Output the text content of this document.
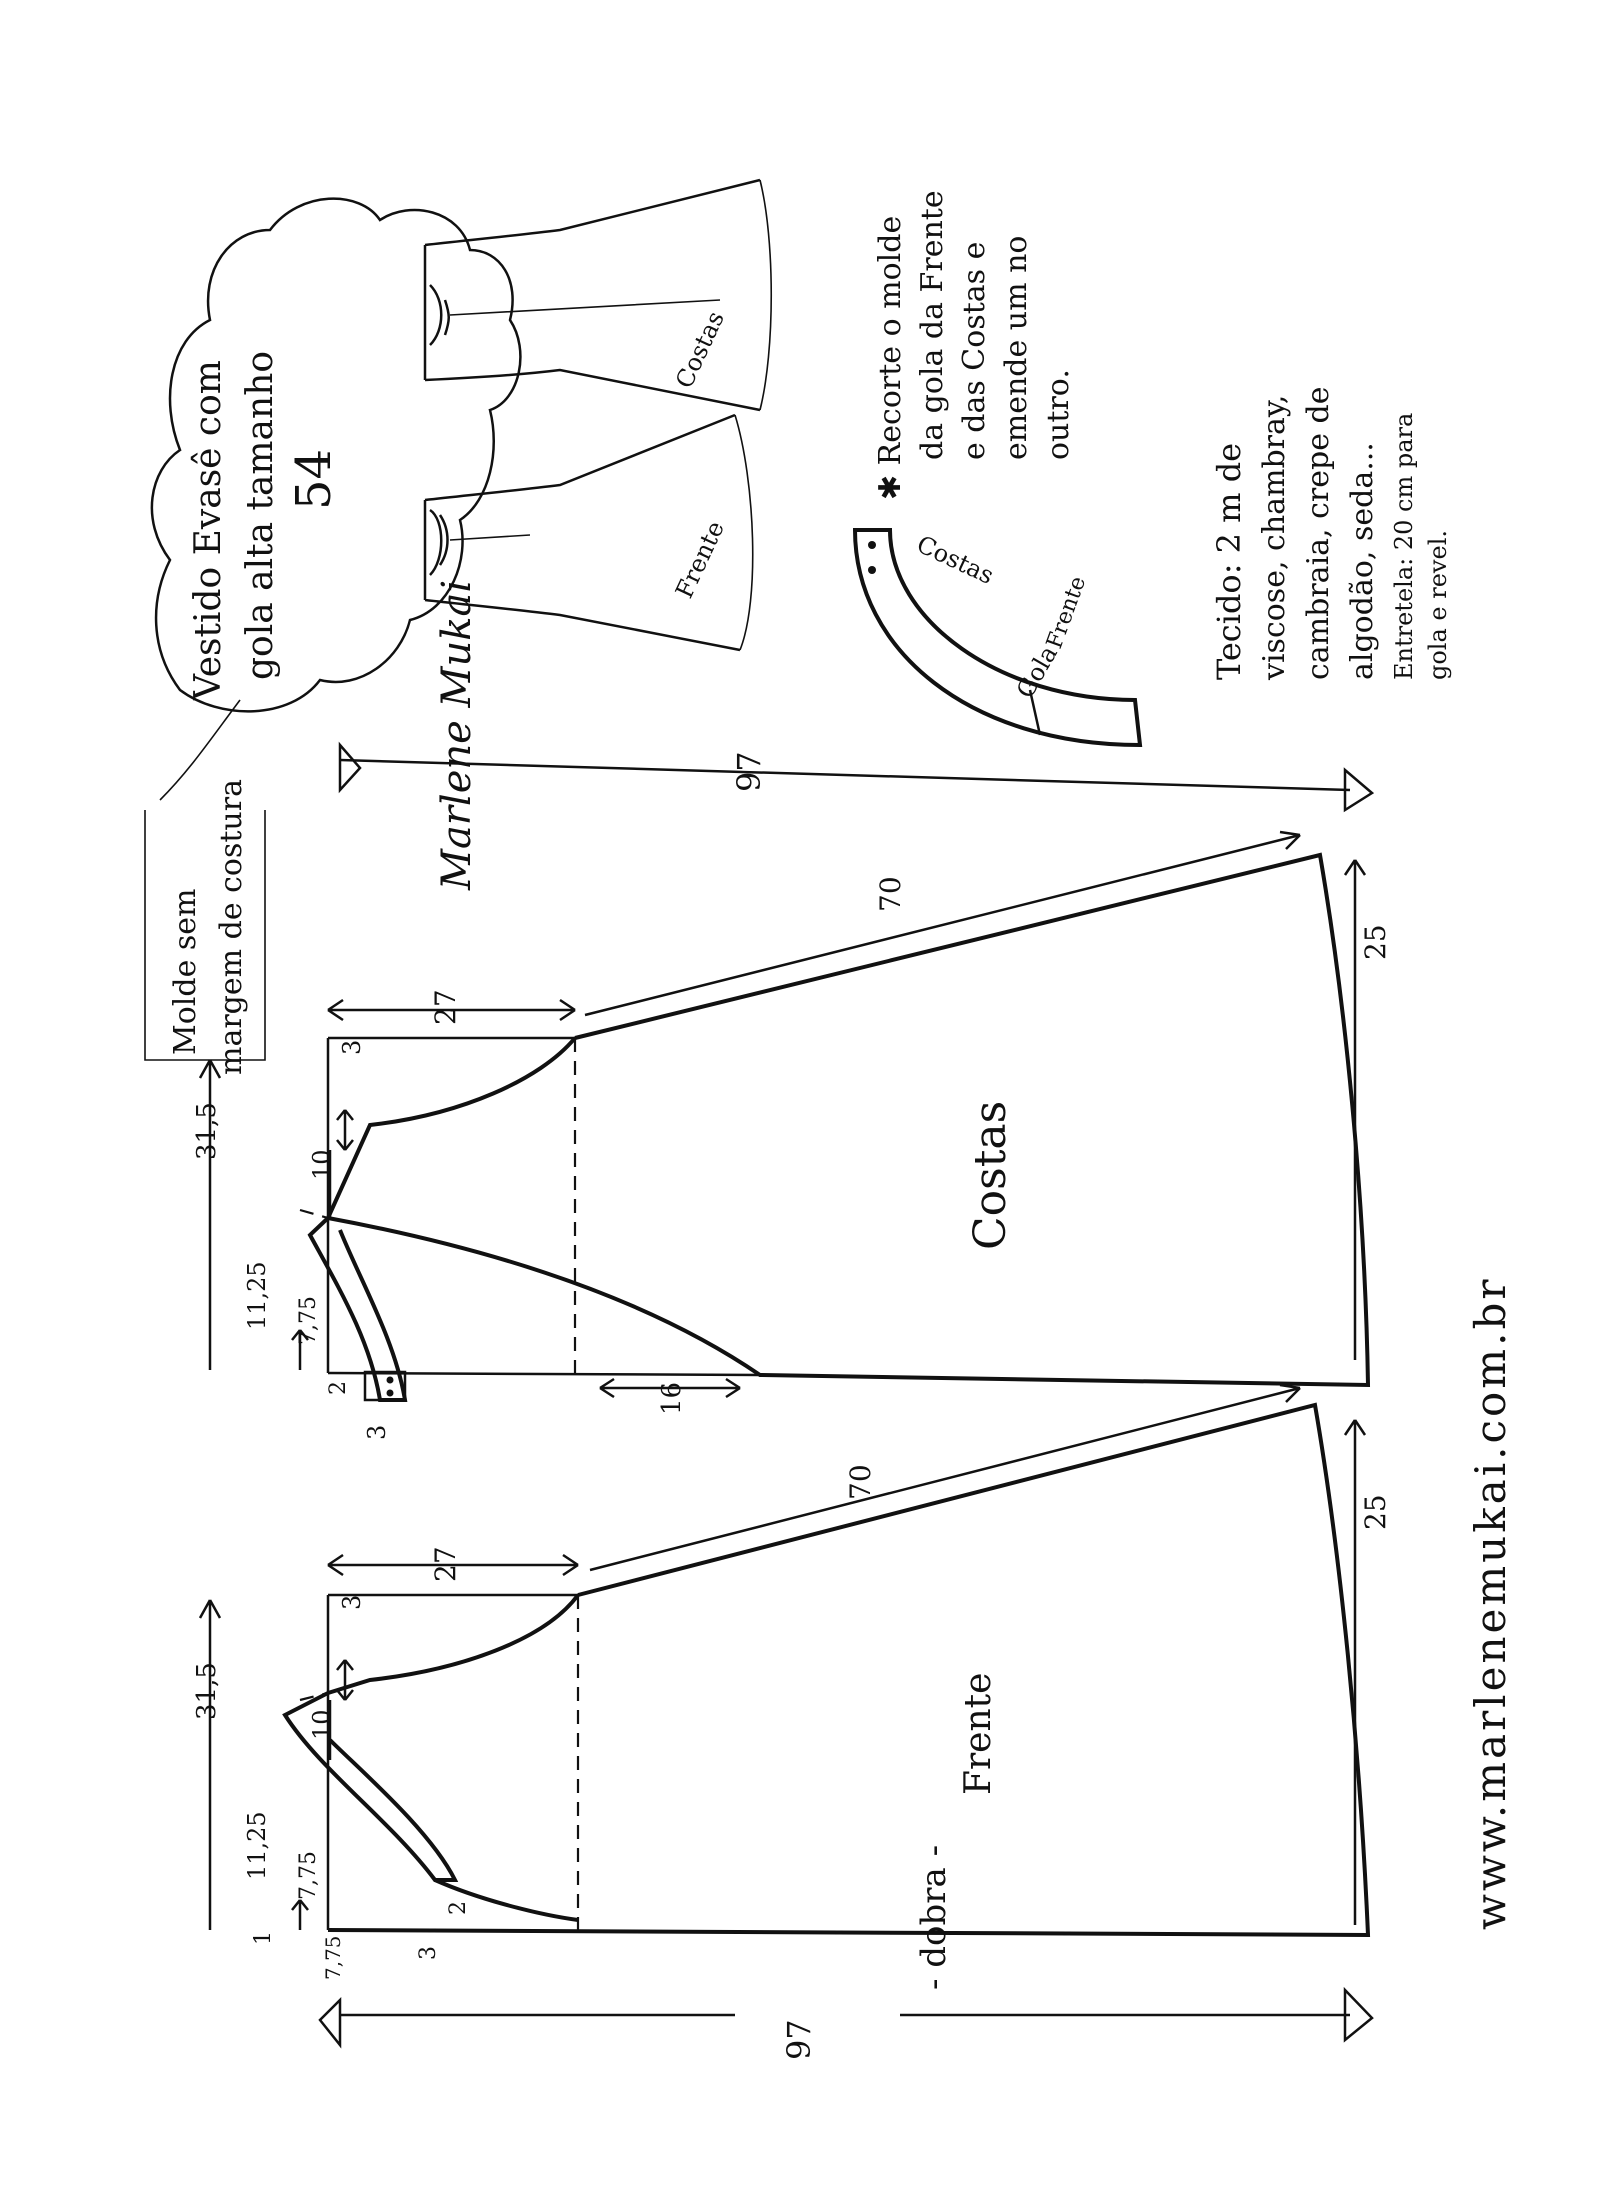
Vestido Evasê com gola alta tamanho 54
Costas
Frente	Costas
Frente
Gola
✱ Recorte o molde da gola da Frente e das Costas e emende um no outro.
Tecido: 2 m de viscose, chambray, cambraia, crepe de algodão, seda... Entretela: 20 cm para gola e revel.
Molde sem margem de costura
Costas
97
31,5
27
70
25
3
10
11,25 7,75
2
3
16
Frente
- dobra -
97
31,5
27
70
25
3
10
11,25 7,75
7,75
2
3
1
Marlene Mukai
www.marlenemukai.com.br
